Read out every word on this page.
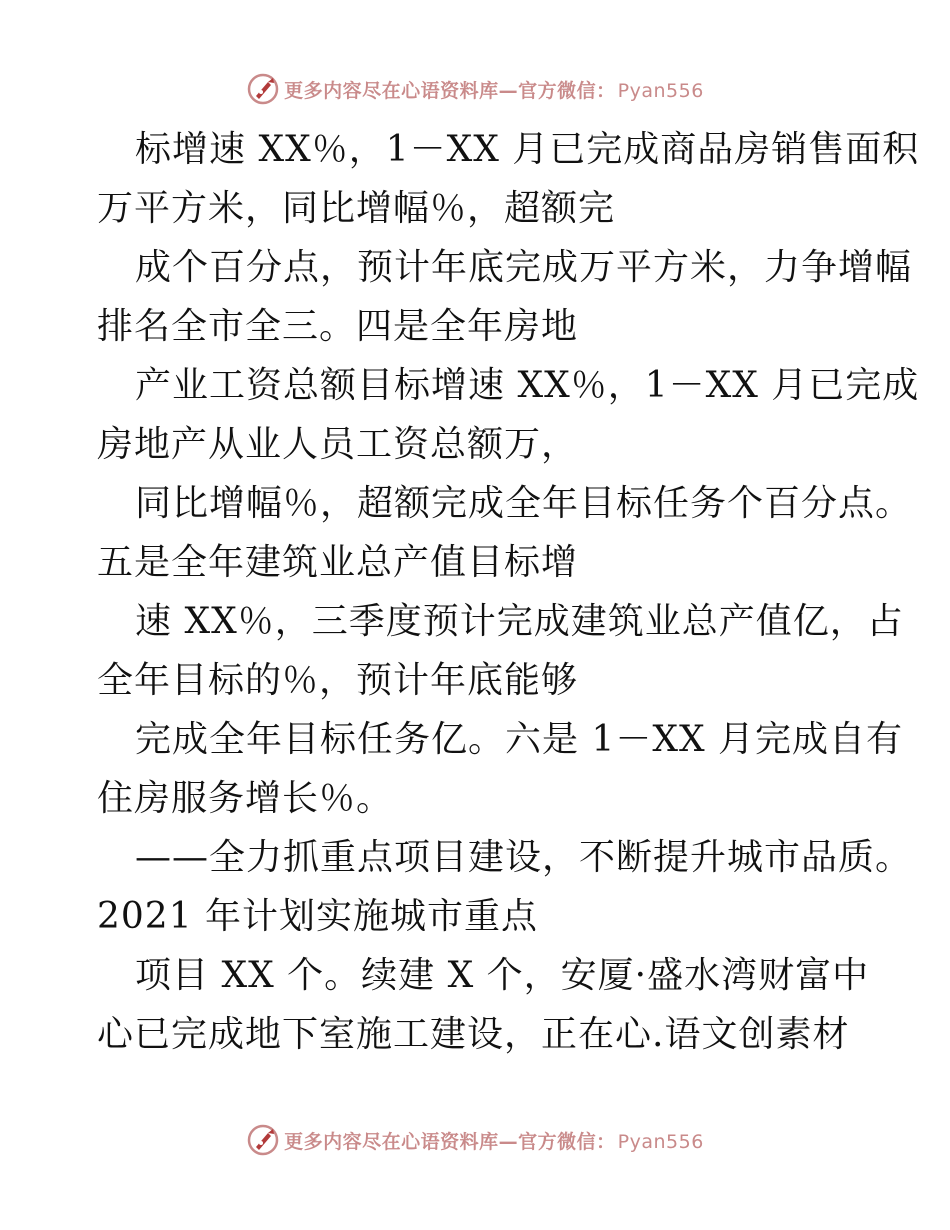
更多内容尽在心语资料库—官方微信： Pyan556
标增速 XX％，1－XX 月已完成商品房销售面积
万平方米，同比增幅％，超额完
成个百分点，预计年底完成万平方米，力争增幅
排名全市全三。四是全年房地
产业工资总额目标增速 XX％，1－XX 月已完成
房地产从业人员工资总额万，
同比增幅％，超额完成全年目标任务个百分点。
五是全年建筑业总产值目标增
速 XX％，三季度预计完成建筑业总产值亿，占
全年目标的％，预计年底能够
完成全年目标任务亿。六是 1－XX 月完成自有
住房服务增长％。
——全力抓重点项目建设，不断提升城市品质。
2021 年计划实施城市重点
项目 XX 个。续建 X 个，安厦·盛水湾财富中
心已完成地下室施工建设，正在心.语文创素材
更多内容尽在心语资料库—官方微信： Pyan556
